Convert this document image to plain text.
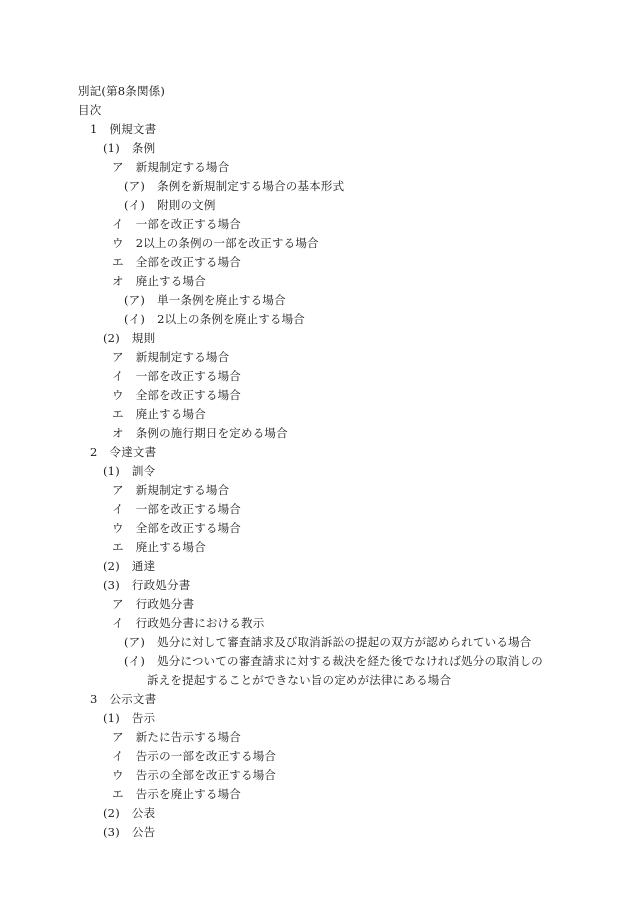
別記(第8条関係)
目次
1 例規文書
(1) 条例
ア 新規制定する場合
(ア) 条例を新規制定する場合の基本形式
(イ) 附則の文例
イ 一部を改正する場合
ウ 2以上の条例の一部を改正する場合
エ 全部を改正する場合
オ 廃止する場合
(ア) 単一条例を廃止する場合
(イ) 2以上の条例を廃止する場合
(2) 規則
ア 新規制定する場合
イ 一部を改正する場合
ウ 全部を改正する場合
エ 廃止する場合
オ 条例の施行期日を定める場合
2 令達文書
(1) 訓令
ア 新規制定する場合
イ 一部を改正する場合
ウ 全部を改正する場合
エ 廃止する場合
(2) 通達
(3) 行政処分書
ア 行政処分書
イ 行政処分書における教示
(ア) 処分に対して審査請求及び取消訴訟の提起の双方が認められている場合
(イ) 処分についての審査請求に対する裁決を経た後でなければ処分の取消しの
訴えを提起することができない旨の定めが法律にある場合
3 公示文書
(1) 告示
ア 新たに告示する場合
イ 告示の一部を改正する場合
ウ 告示の全部を改正する場合
エ 告示を廃止する場合
(2) 公表
(3) 公告
